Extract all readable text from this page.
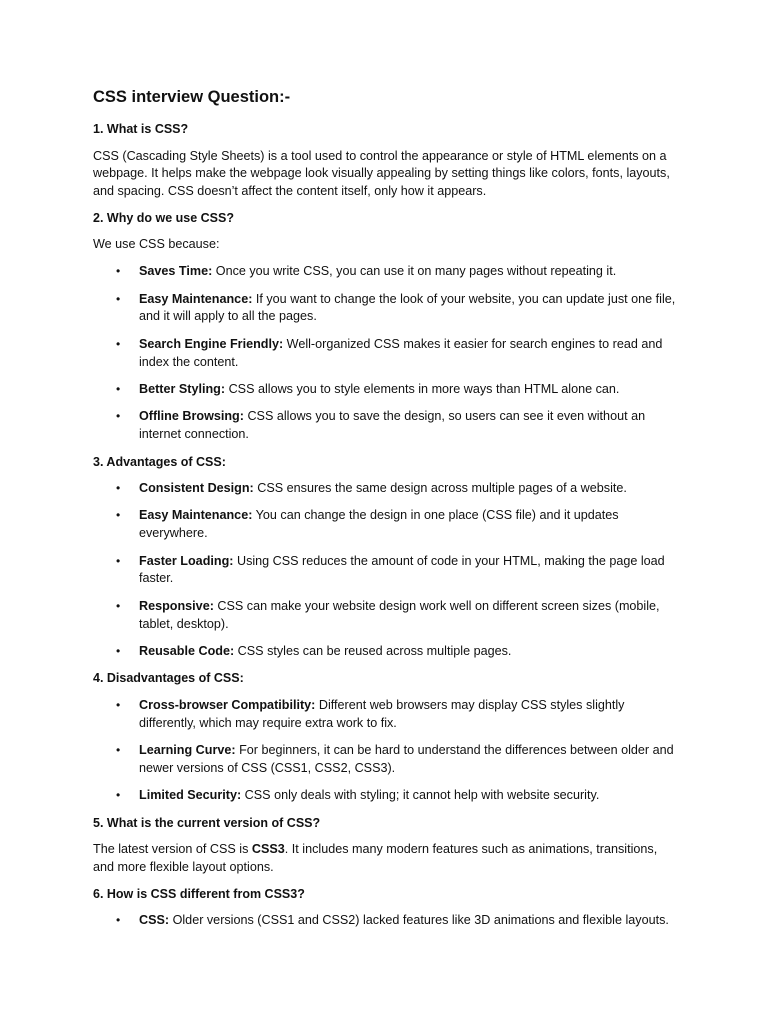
CSS interview Question:-
1. What is CSS?

CSS (Cascading Style Sheets) is a tool used to control the appearance or style of HTML elements on a webpage. It helps make the webpage look visually appealing by setting things like colors, fonts, layouts, and spacing. CSS doesn’t affect the content itself, only how it appears.

2. Why do we use CSS?

We use CSS because:

• Saves Time: Once you write CSS, you can use it on many pages without repeating it.
• Easy Maintenance: If you want to change the look of your website, you can update just one file, and it will apply to all the pages.
• Search Engine Friendly: Well-organized CSS makes it easier for search engines to read and index the content.
• Better Styling: CSS allows you to style elements in more ways than HTML alone can.
• Offline Browsing: CSS allows you to save the design, so users can see it even without an internet connection.
3. Advantages of CSS:
• Consistent Design: CSS ensures the same design across multiple pages of a website.
• Easy Maintenance: You can change the design in one place (CSS file) and it updates everywhere.
• Faster Loading: Using CSS reduces the amount of code in your HTML, making the page load faster.
• Responsive: CSS can make your website design work well on different screen sizes (mobile, tablet, desktop).
• Reusable Code: CSS styles can be reused across multiple pages.
4. Disadvantages of CSS:
• Cross-browser Compatibility: Different web browsers may display CSS styles slightly differently, which may require extra work to fix.
• Learning Curve: For beginners, it can be hard to understand the differences between older and newer versions of CSS (CSS1, CSS2, CSS3).
• Limited Security: CSS only deals with styling; it cannot help with website security.
5. What is the current version of CSS?

The latest version of CSS is CSS3. It includes many modern features such as animations, transitions, and more flexible layout options.

6. How is CSS different from CSS3?
• CSS: Older versions (CSS1 and CSS2) lacked features like 3D animations and flexible layouts.
